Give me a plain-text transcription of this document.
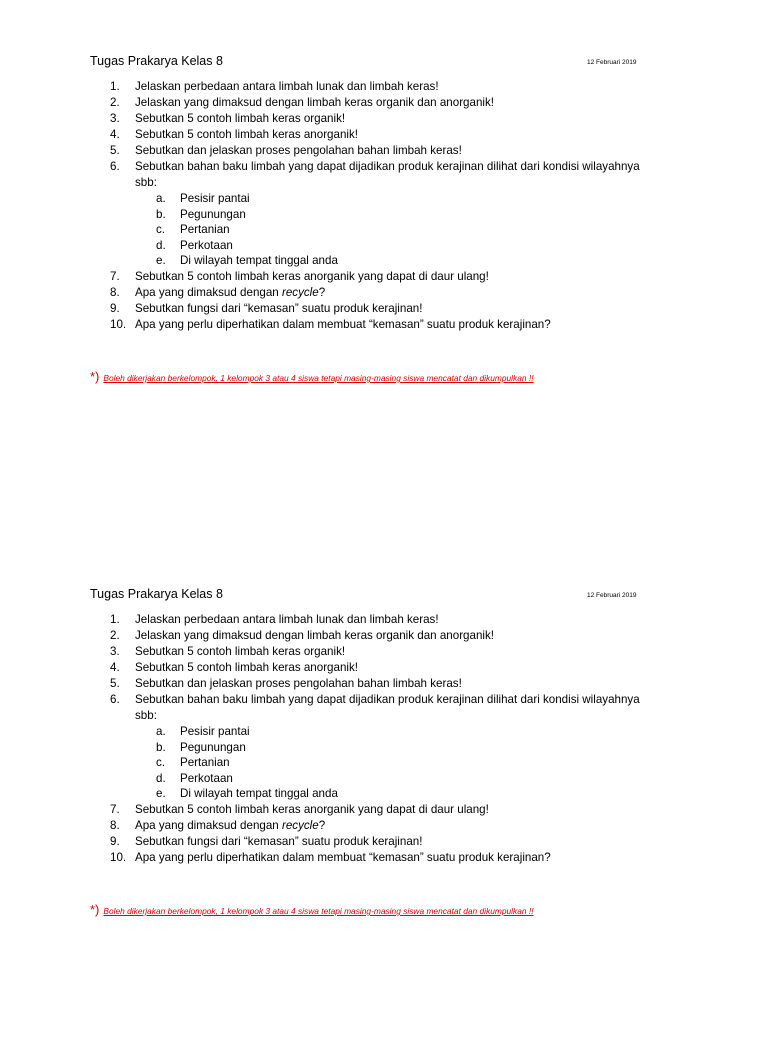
Tugas Prakarya Kelas 8	12 Februari 2019
1.	Jelaskan perbedaan antara limbah lunak dan limbah keras!
2.	Jelaskan yang dimaksud dengan limbah keras organik dan anorganik!
3.	Sebutkan 5 contoh limbah keras organik!
4.	Sebutkan 5 contoh limbah keras anorganik!
5.	Sebutkan dan jelaskan proses pengolahan bahan limbah keras!
6.	Sebutkan bahan baku limbah yang dapat dijadikan produk kerajinan dilihat dari kondisi wilayahnya sbb:
a.	Pesisir pantai
b.	Pegunungan
c.	Pertanian
d.	Perkotaan
e.	Di wilayah tempat tinggal anda
7.	Sebutkan 5 contoh limbah keras anorganik yang dapat di daur ulang!
8.	Apa yang dimaksud dengan recycle?
9.	Sebutkan fungsi dari “kemasan” suatu produk kerajinan!
10. Apa yang perlu diperhatikan dalam membuat “kemasan” suatu produk kerajinan?
*) Boleh dikerjakan berkelompok, 1 kelompok 3 atau 4 siswa tetapi masing-masing siswa mencatat dan dikumpulkan !!
Tugas Prakarya Kelas 8	12 Februari 2019
1.	Jelaskan perbedaan antara limbah lunak dan limbah keras!
2.	Jelaskan yang dimaksud dengan limbah keras organik dan anorganik!
3.	Sebutkan 5 contoh limbah keras organik!
4.	Sebutkan 5 contoh limbah keras anorganik!
5.	Sebutkan dan jelaskan proses pengolahan bahan limbah keras!
6.	Sebutkan bahan baku limbah yang dapat dijadikan produk kerajinan dilihat dari kondisi wilayahnya sbb:
a.	Pesisir pantai
b.	Pegunungan
c.	Pertanian
d.	Perkotaan
e.	Di wilayah tempat tinggal anda
7.	Sebutkan 5 contoh limbah keras anorganik yang dapat di daur ulang!
8.	Apa yang dimaksud dengan recycle?
9.	Sebutkan fungsi dari “kemasan” suatu produk kerajinan!
10. Apa yang perlu diperhatikan dalam membuat “kemasan” suatu produk kerajinan?
*) Boleh dikerjakan berkelompok, 1 kelompok 3 atau 4 siswa tetapi masing-masing siswa mencatat dan dikumpulkan !!
